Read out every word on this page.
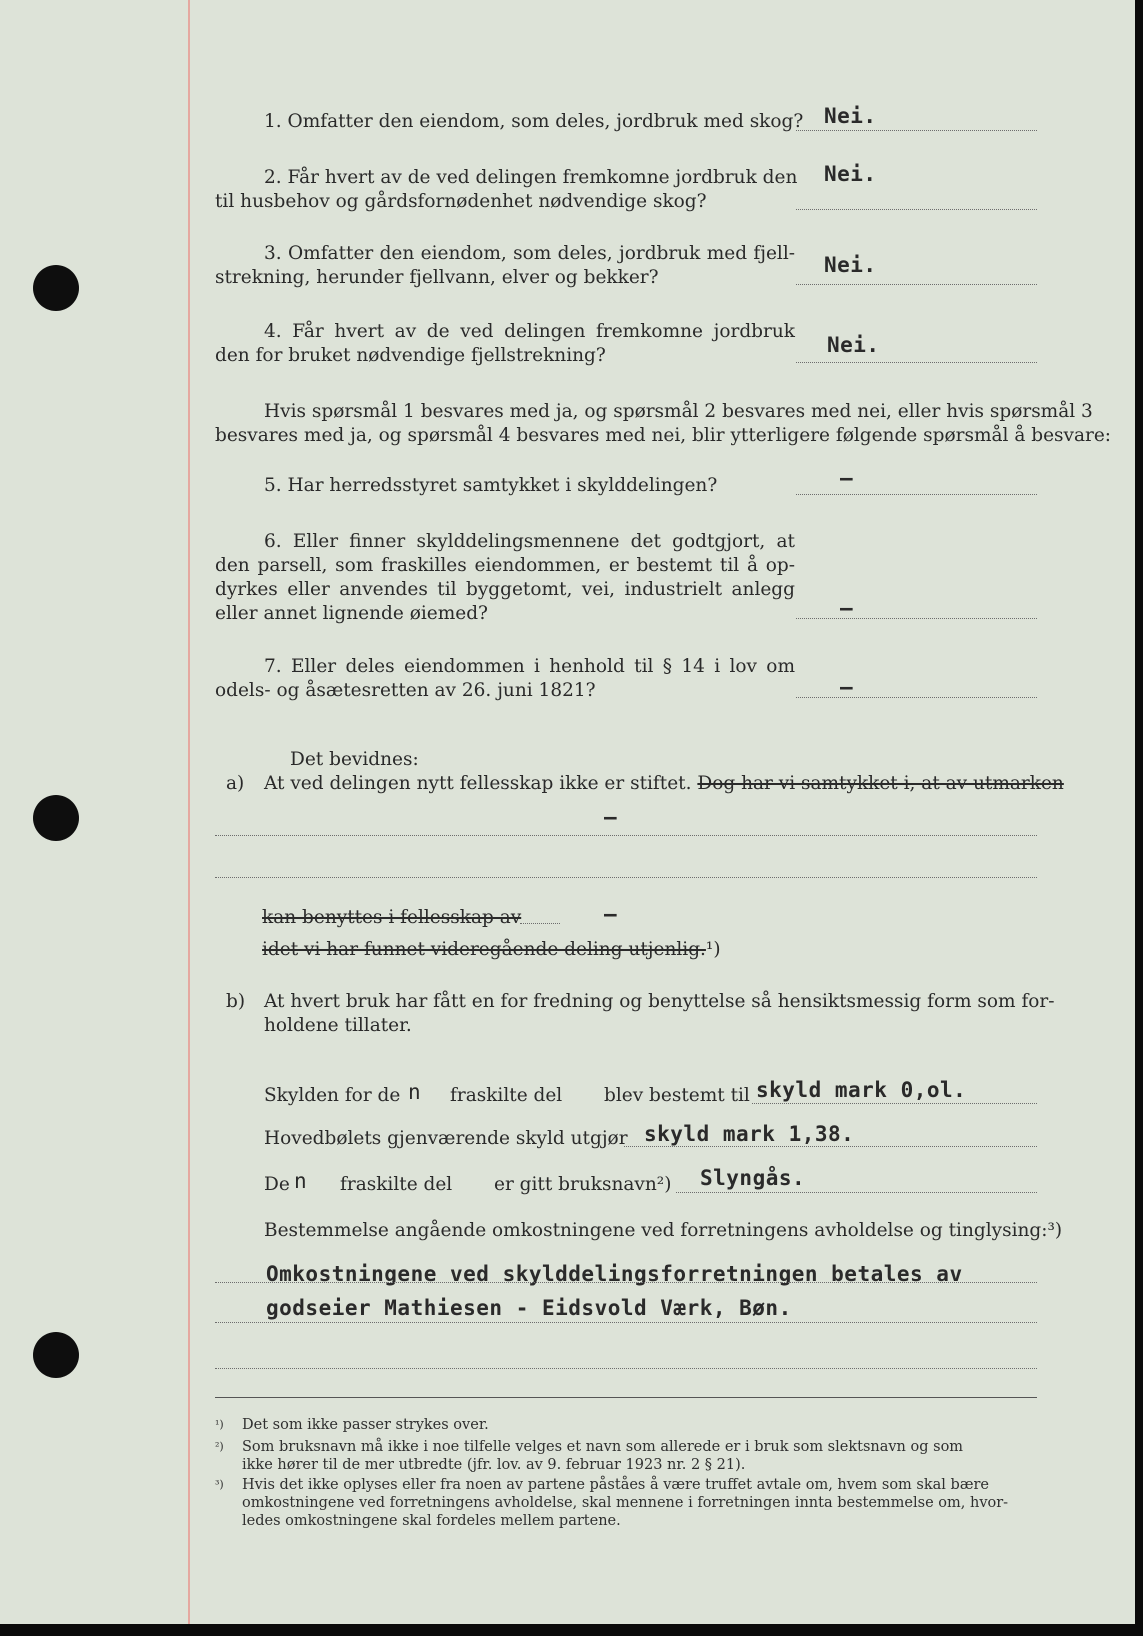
1. Omfatter den eiendom, som deles, jordbruk med skog? Nei.
2. Får hvert av de ved delingen fremkomne jordbruk den
til husbehov og gårdsfornødenhet nødvendige skog?
Nei.
3. Omfatter den eiendom, som deles, jordbruk med fjell-
strekning, herunder fjellvann, elver og bekker?
Nei.
4. Får hvert av de ved delingen fremkomne jordbruk
den for bruket nødvendige fjellstrekning?	Nei.
Hvis spørsmål 1 besvares med ja, og spørsmål 2 besvares med nei, eller hvis spørsmål 3
besvares med ja, og spørsmål 4 besvares med nei, blir ytterligere følgende spørsmål å besvare:
5. Har herredsstyret samtykket i skylddelingen?	–
6. Eller finner skylddelingsmennene det godtgjort, at
den parsell, som fraskilles eiendommen, er bestemt til å op-
dyrkes eller anvendes til byggetomt, vei, industrielt anlegg
eller annet lignende øiemed?	–
7. Eller deles eiendommen i henhold til § 14 i lov om
odels- og åsætesretten av 26. juni 1821?	–
Det bevidnes:
a) At ved delingen nytt fellesskap ikke er stiftet. Dog har vi samtykket i, at av utmarken
–
kan benyttes i fellesskap av	–
idet vi har funnet videregående deling utjenlig.¹)
b) At hvert bruk har fått en for fredning og benyttelse så hensiktsmessig form som for-
holdene tillater.
Skylden for de n fraskilte del blev bestemt til skyld mark 0,ol.
Hovedbølets gjenværende skyld utgjør skyld mark 1,38.
De n fraskilte del er gitt bruksnavn²) Slyngås.
Bestemmelse angående omkostningene ved forretningens avholdelse og tinglysing:³)
Omkostningene ved skylddelingsforretningen betales av
godseier Mathiesen - Eidsvold Værk, Bøn.
¹) Det som ikke passer strykes over.
²) Som bruksnavn må ikke i noe tilfelle velges et navn som allerede er i bruk som slektsnavn og som
ikke hører til de mer utbredte (jfr. lov. av 9. februar 1923 nr. 2 § 21).
³) Hvis det ikke oplyses eller fra noen av partene påståes å være truffet avtale om, hvem som skal bære
omkostningene ved forretningens avholdelse, skal mennene i forretningen innta bestemmelse om, hvor-
ledes omkostningene skal fordeles mellem partene.
